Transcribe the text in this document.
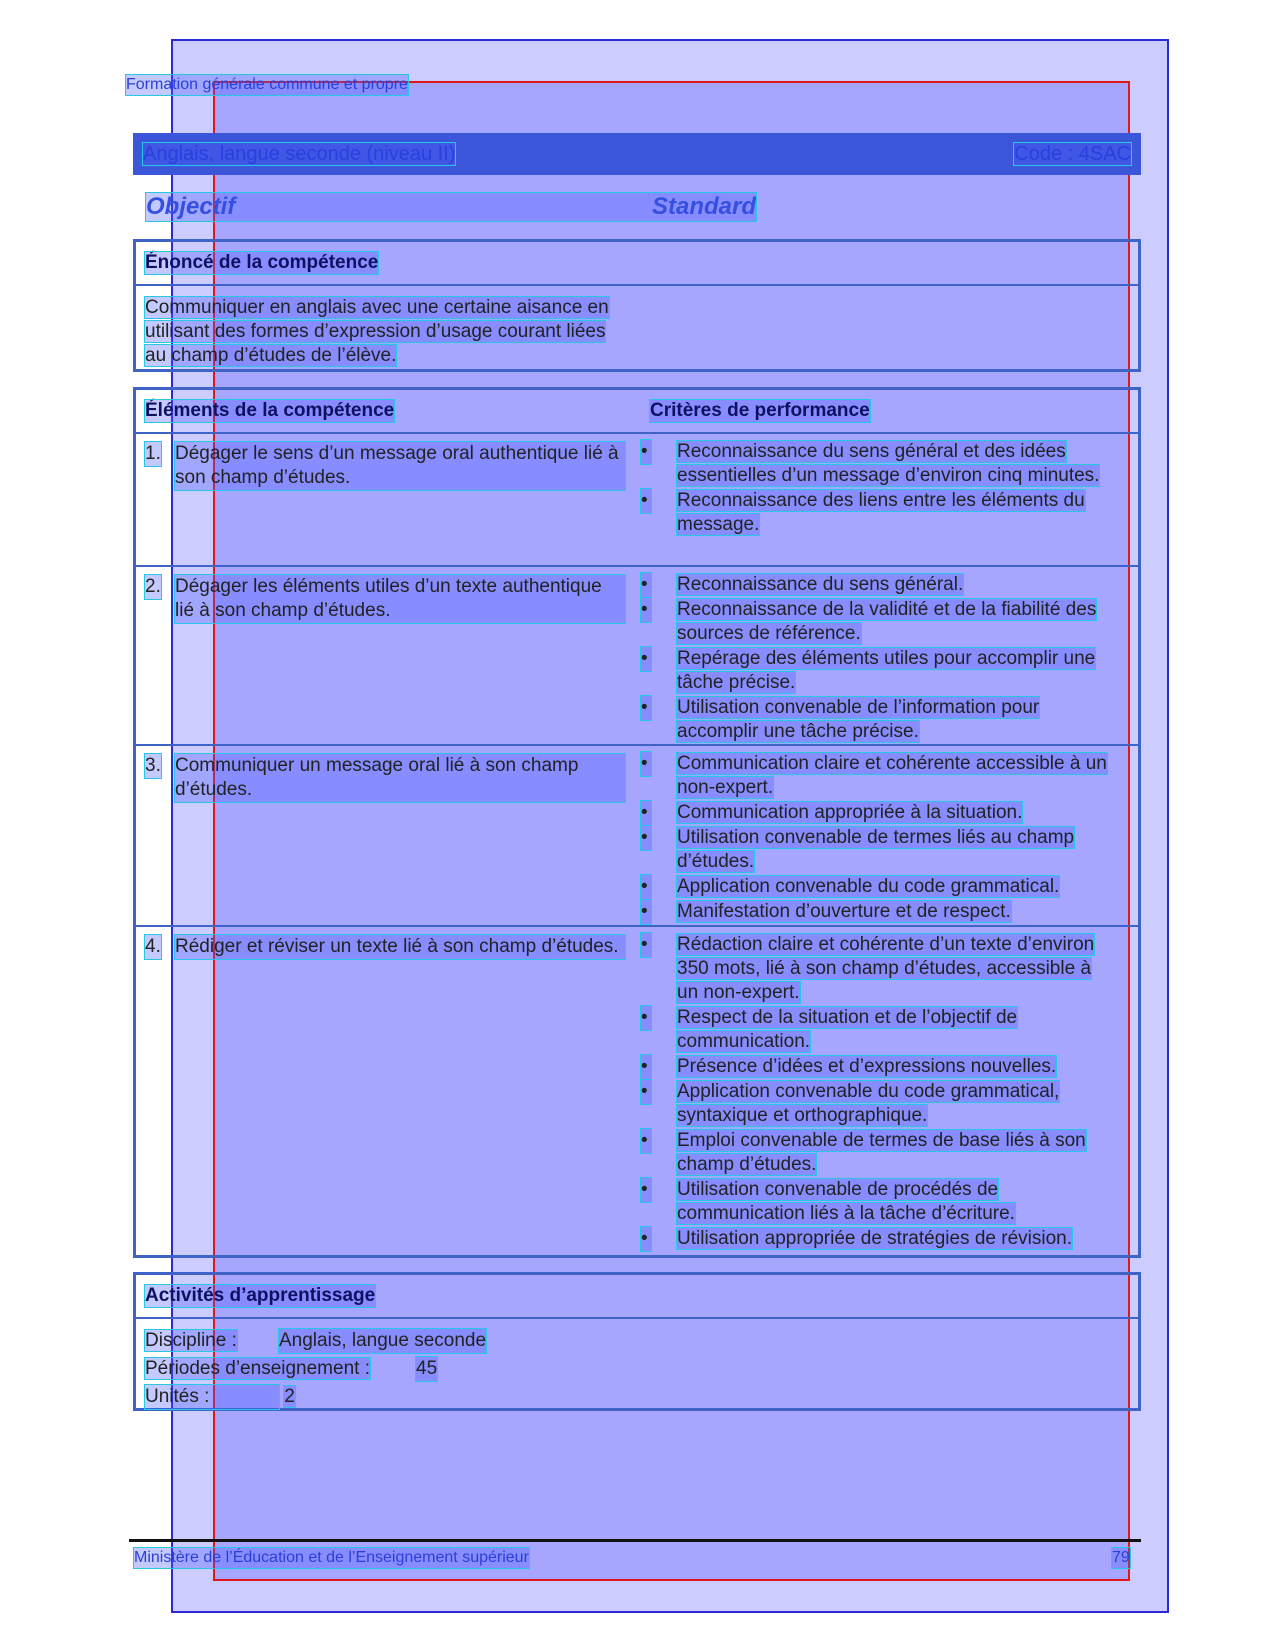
Formation générale commune et propre
Anglais, langue seconde (niveau II)	Code : 4SAC
Objectif	Standard
Énoncé de la compétence
Communiquer en anglais avec une certaine aisance en utilisant des formes d’expression d’usage courant liées au champ d’études de l’élève.
Éléments de la compétence	Critères de performance
1. Dégager le sens d’un message oral authentique lié à son champ d’études.
• Reconnaissance du sens général et des idées essentielles d’un message d’environ cinq minutes.
• Reconnaissance des liens entre les éléments du message.
2. Dégager les éléments utiles d’un texte authentique lié à son champ d’études.
• Reconnaissance du sens général.
• Reconnaissance de la validité et de la fiabilité des sources de référence.
• Repérage des éléments utiles pour accomplir une tâche précise.
• Utilisation convenable de l’information pour accomplir une tâche précise.
3. Communiquer un message oral lié à son champ d’études.
• Communication claire et cohérente accessible à un non-expert.
• Communication appropriée à la situation.
• Utilisation convenable de termes liés au champ d’études.
• Application convenable du code grammatical.
• Manifestation d’ouverture et de respect.
4. Rédiger et réviser un texte lié à son champ d’études.	• Rédaction claire et cohérente d’un texte d’environ 350 mots, lié à son champ d’études, accessible à un non-expert.
• Respect de la situation et de l’objectif de communication.
• Présence d’idées et d’expressions nouvelles.
• Application convenable du code grammatical, syntaxique et orthographique.
• Emploi convenable de termes de base liés à son champ d’études.
• Utilisation convenable de procédés de communication liés à la tâche d’écriture.
• Utilisation appropriée de stratégies de révision.
Activités d’apprentissage
Discipline : Anglais, langue seconde
Périodes d’enseignement : 45
Unités :	2
Ministère de l’Éducation et de l’Enseignement supérieur	79
